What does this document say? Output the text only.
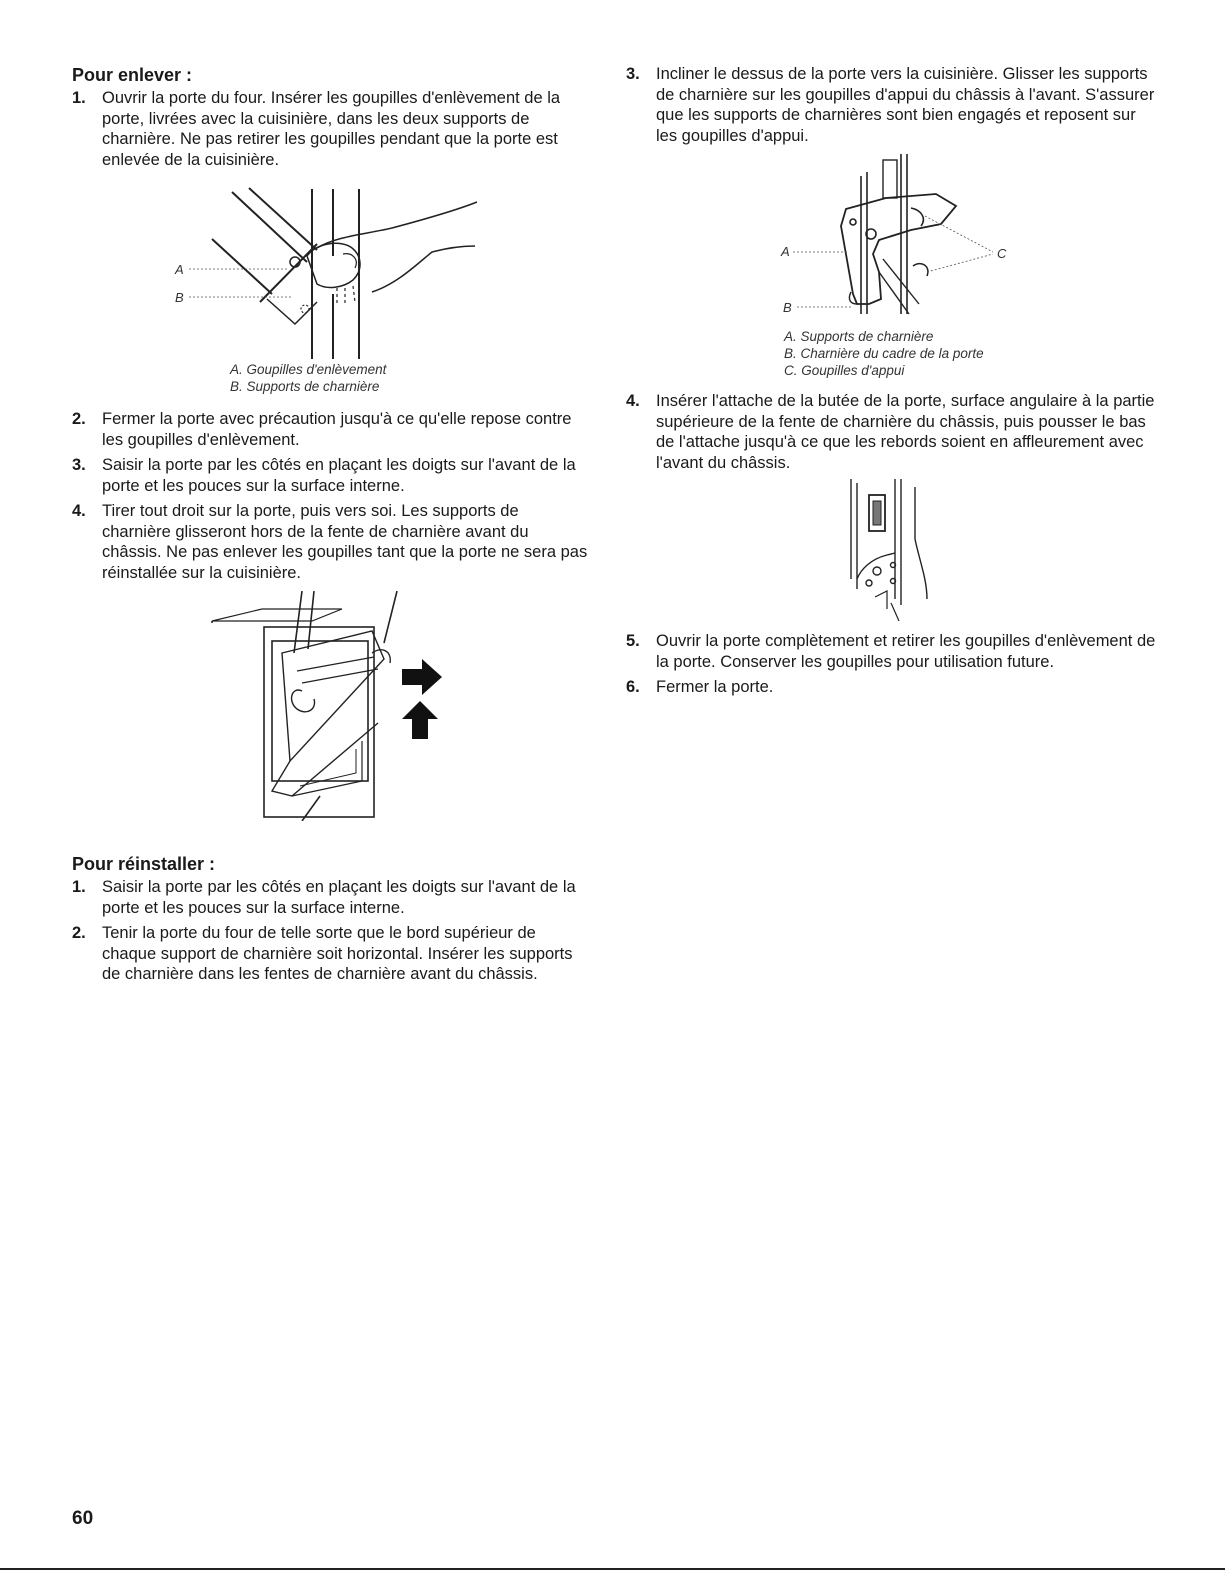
Pour enlever :
1. Ouvrir la porte du four. Insérer les goupilles d'enlèvement de la porte, livrées avec la cuisinière, dans les deux supports de charnière. Ne pas retirer les goupilles pendant que la porte est enlevée de la cuisinière.
A
B
A. Goupilles d'enlèvement
B. Supports de charnière
2. Fermer la porte avec précaution jusqu'à ce qu'elle repose contre les goupilles d'enlèvement.
3. Saisir la porte par les côtés en plaçant les doigts sur l'avant de la porte et les pouces sur la surface interne.
4. Tirer tout droit sur la porte, puis vers soi. Les supports de charnière glisseront hors de la fente de charnière avant du châssis. Ne pas enlever les goupilles tant que la porte ne sera pas réinstallée sur la cuisinière.
Pour réinstaller :
1. Saisir la porte par les côtés en plaçant les doigts sur l'avant de la porte et les pouces sur la surface interne.
2. Tenir la porte du four de telle sorte que le bord supérieur de chaque support de charnière soit horizontal. Insérer les supports de charnière dans les fentes de charnière avant du châssis.
3. Incliner le dessus de la porte vers la cuisinière. Glisser les supports de charnière sur les goupilles d'appui du châssis à l'avant. S'assurer que les supports de charnières sont bien engagés et reposent sur les goupilles d'appui.
A
B
C
A. Supports de charnière
B. Charnière du cadre de la porte
C. Goupilles d'appui
4. Insérer l'attache de la butée de la porte, surface angulaire à la partie supérieure de la fente de charnière du châssis, puis pousser le bas de l'attache jusqu'à ce que les rebords soient en affleurement avec l'avant du châssis.
5. Ouvrir la porte complètement et retirer les goupilles d'enlèvement de la porte. Conserver les goupilles pour utilisation future.
6. Fermer la porte.
60
